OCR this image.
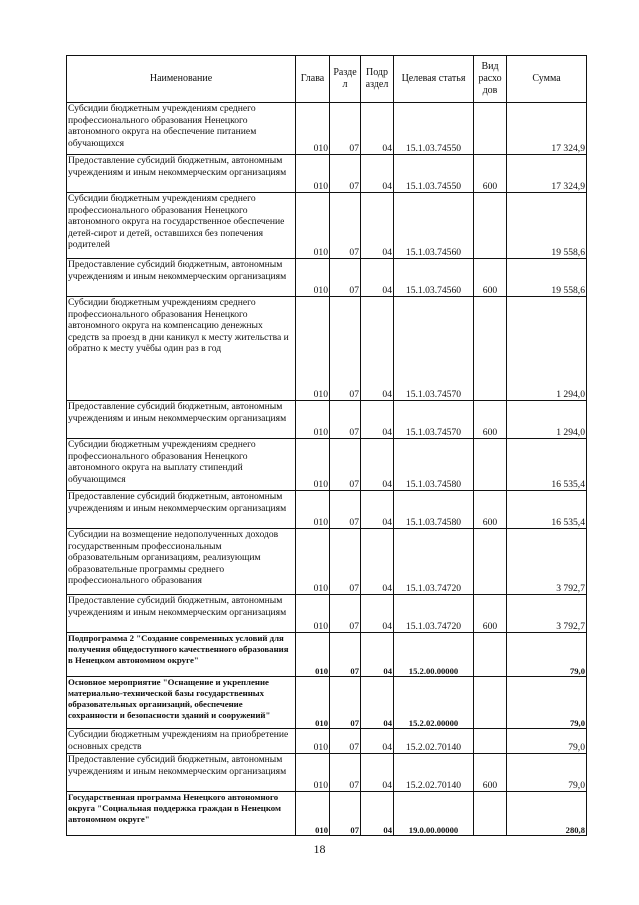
Наименование	Глава	Разде л	Подр аздел	Целевая статья	Вид расхо дов	Сумма
Субсидии бюджетным учреждениям среднего профессионального образования Ненецкого автономного округа на обеспечение питанием обучающихся	010	07	04	15.1.03.74550		17 324,9
Предоставление субсидий бюджетным, автономным учреждениям и иным некоммерческим организациям	010	07	04	15.1.03.74550	600	17 324,9
Субсидии бюджетным учреждениям среднего профессионального образования Ненецкого автономного округа на государственное обеспечение детей-сирот и детей, оставшихся без попечения родителей	010	07	04	15.1.03.74560		19 558,6
Предоставление субсидий бюджетным, автономным учреждениям и иным некоммерческим организациям	010	07	04	15.1.03.74560	600	19 558,6
Субсидии бюджетным учреждениям среднего профессионального образования Ненецкого автономного округа на компенсацию денежных средств за проезд в дни каникул к месту жительства и обратно к месту учёбы один раз в год	010	07	04	15.1.03.74570		1 294,0
Предоставление субсидий бюджетным, автономным учреждениям и иным некоммерческим организациям	010	07	04	15.1.03.74570	600	1 294,0
Субсидии бюджетным учреждениям среднего профессионального образования Ненецкого автономного округа на выплату стипендий обучающимся	010	07	04	15.1.03.74580		16 535,4
Предоставление субсидий бюджетным, автономным учреждениям и иным некоммерческим организациям	010	07	04	15.1.03.74580	600	16 535,4
Субсидии на возмещение недополученных доходов государственным профессиональным образовательным организациям, реализующим образовательные программы среднего профессионального образования	010	07	04	15.1.03.74720		3 792,7
Предоставление субсидий бюджетным, автономным учреждениям и иным некоммерческим организациям	010	07	04	15.1.03.74720	600	3 792,7
Подпрограмма 2 "Создание современных условий для получения общедоступного качественного образования в Ненецком автономном округе"	010	07	04	15.2.00.00000		79,0
Основное мероприятие "Оснащение и укрепление материально-технической базы государственных образовательных организаций, обеспечение сохранности и безопасности зданий и сооружений"	010	07	04	15.2.02.00000		79,0
Субсидии бюджетным учреждениям на приобретение основных средств	010	07	04	15.2.02.70140		79,0
Предоставление субсидий бюджетным, автономным учреждениям и иным некоммерческим организациям	010	07	04	15.2.02.70140	600	79,0
Государственная программа Ненецкого автономного округа "Социальная поддержка граждан в Ненецком автономном округе"	010	07	04	19.0.00.00000		280,8
18
